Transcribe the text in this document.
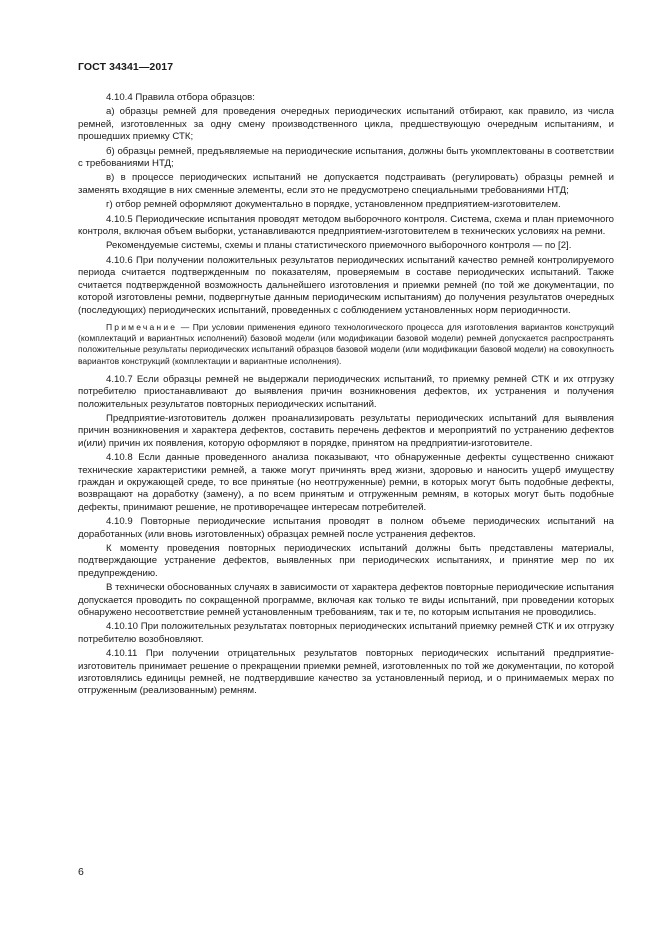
ГОСТ 34341—2017

4.10.4 Правила отбора образцов:

а) образцы ремней для проведения очередных периодических испытаний отбирают, как правило, из числа ремней, изготовленных за одну смену производственного цикла, предшествующую очередным испытаниям, и прошедших приемку СТК;

б) образцы ремней, предъявляемые на периодические испытания, должны быть укомплектованы в соответствии с требованиями НТД;

в) в процессе периодических испытаний не допускается подстраивать (регулировать) образцы ремней и заменять входящие в них сменные элементы, если это не предусмотрено специальными требованиями НТД;

г) отбор ремней оформляют документально в порядке, установленном предприятием-изготовителем.

4.10.5 Периодические испытания проводят методом выборочного контроля. Система, схема и план приемочного контроля, включая объем выборки, устанавливаются предприятием-изготовителем в технических условиях на ремни.

Рекомендуемые системы, схемы и планы статистического приемочного выборочного контроля — по [2].

4.10.6 При получении положительных результатов периодических испытаний качество ремней контролируемого периода считается подтвержденным по показателям, проверяемым в составе периодических испытаний. Также считается подтвержденной возможность дальнейшего изготовления и приемки ремней (по той же документации, по которой изготовлены ремни, подвергнутые данным периодическим испытаниям) до получения результатов очередных (последующих) периодических испытаний, проведенных с соблюдением установленных норм периодичности.

Примечание — При условии применения единого технологического процесса для изготовления вариантов конструкций (комплектаций и вариантных исполнений) базовой модели (или модификации базовой модели) ремней допускается распространять положительные результаты периодических испытаний образцов базовой модели (или модификации базовой модели) на совокупность вариантов конструкций (комплектации и вариантные исполнения).

4.10.7 Если образцы ремней не выдержали периодических испытаний, то приемку ремней СТК и их отгрузку потребителю приостанавливают до выявления причин возникновения дефектов, их устранения и получения положительных результатов повторных периодических испытаний.

Предприятие-изготовитель должен проанализировать результаты периодических испытаний для выявления причин возникновения и характера дефектов, составить перечень дефектов и мероприятий по устранению дефектов и(или) причин их появления, которую оформляют в порядке, принятом на предприятии-изготовителе.

4.10.8 Если данные проведенного анализа показывают, что обнаруженные дефекты существенно снижают технические характеристики ремней, а также могут причинять вред жизни, здоровью и наносить ущерб имуществу граждан и окружающей среде, то все принятые (но неотгруженные) ремни, в которых могут быть подобные дефекты, возвращают на доработку (замену), а по всем принятым и отгруженным ремням, в которых могут быть подобные дефекты, принимают решение, не противоречащее интересам потребителей.

4.10.9 Повторные периодические испытания проводят в полном объеме периодических испытаний на доработанных (или вновь изготовленных) образцах ремней после устранения дефектов.

К моменту проведения повторных периодических испытаний должны быть представлены материалы, подтверждающие устранение дефектов, выявленных при периодических испытаниях, и принятие мер по их предупреждению.

В технически обоснованных случаях в зависимости от характера дефектов повторные периодические испытания допускается проводить по сокращенной программе, включая как только те виды испытаний, при проведении которых обнаружено несоответствие ремней установленным требованиям, так и те, по которым испытания не проводились.

4.10.10 При положительных результатах повторных периодических испытаний приемку ремней СТК и их отгрузку потребителю возобновляют.

4.10.11 При получении отрицательных результатов повторных периодических испытаний предприятие-изготовитель принимает решение о прекращении приемки ремней, изготовленных по той же документации, по которой изготовлялись единицы ремней, не подтвердившие качество за установленный период, и о принимаемых мерах по отгруженным (реализованным) ремням.

6
